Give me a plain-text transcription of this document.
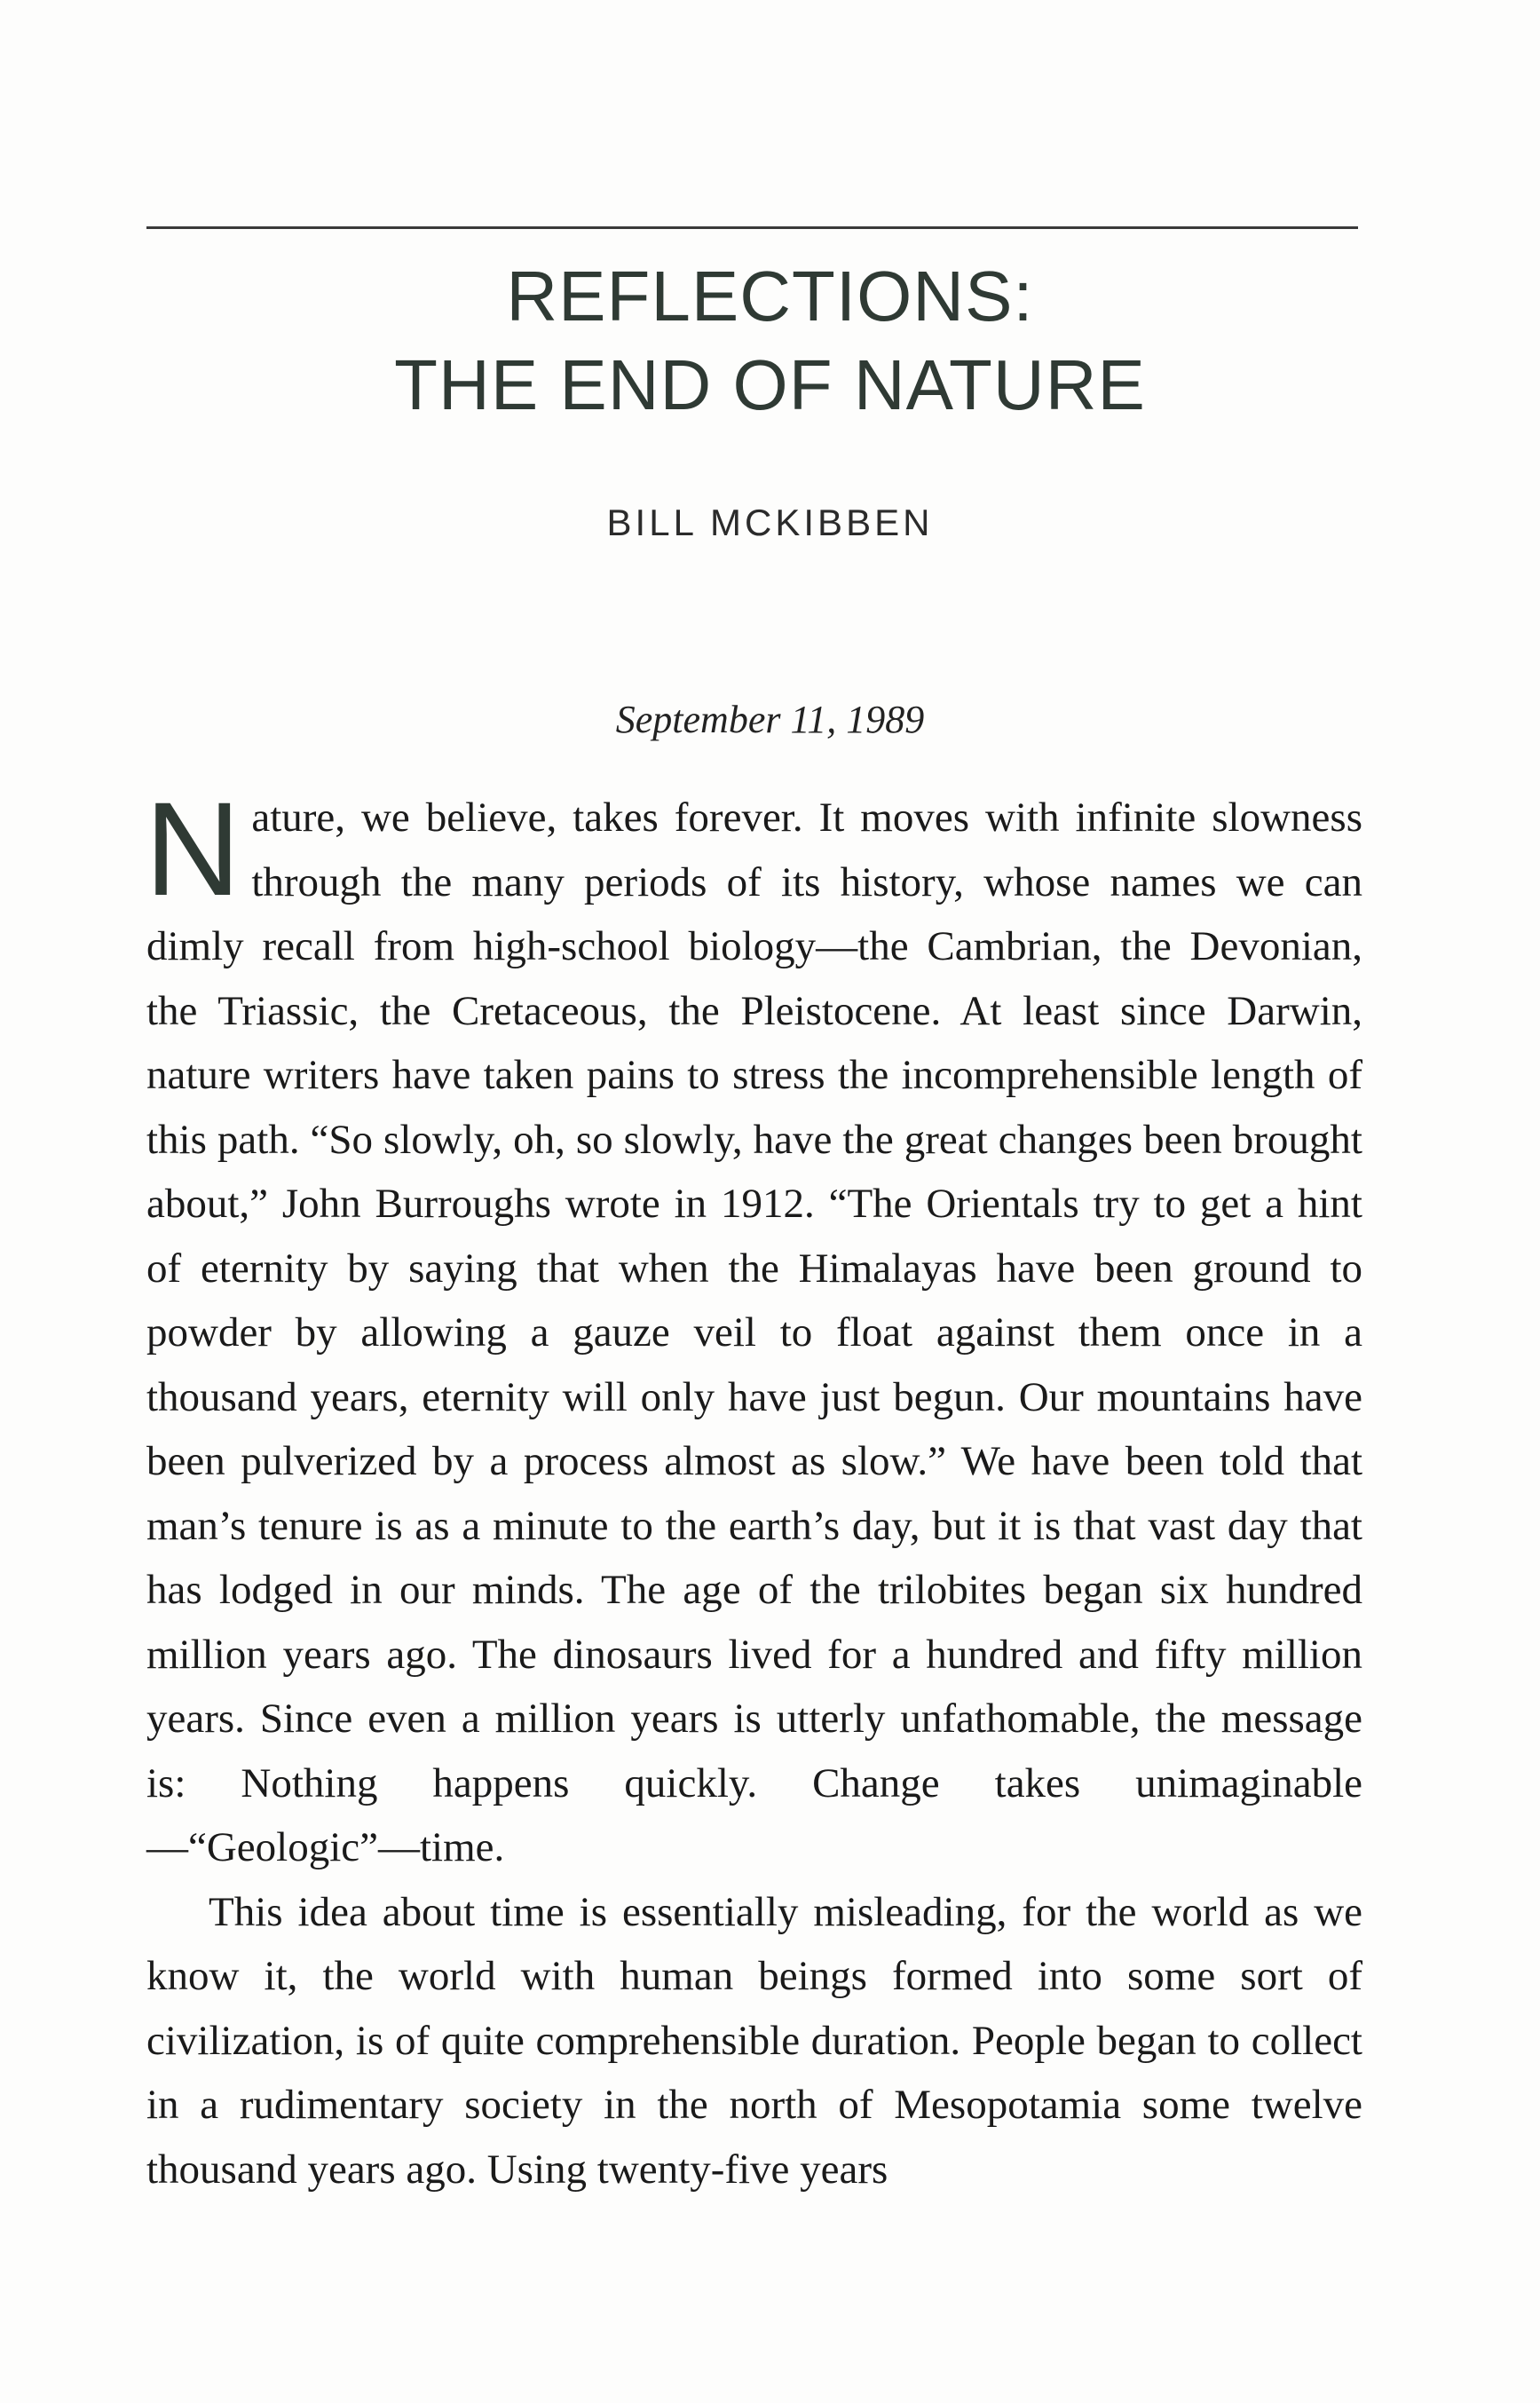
REFLECTIONS:
THE END OF NATURE
BILL MCKIBBEN
September 11, 1989

Nature, we believe, takes forever. It moves with infinite slowness through the many periods of its history, whose names we can dimly recall from high-school biology—the Cambrian, the Devonian, the Triassic, the Cretaceous, the Pleistocene. At least since Darwin, nature writers have taken pains to stress the incomprehensible length of this path. “So slowly, oh, so slowly, have the great changes been brought about,” John Burroughs wrote in 1912. “The Orientals try to get a hint of eternity by saying that when the Himalayas have been ground to powder by allowing a gauze veil to float against them once in a thousand years, eternity will only have just begun. Our mountains have been pulverized by a process almost as slow.” We have been told that man’s tenure is as a minute to the earth’s day, but it is that vast day that has lodged in our minds. The age of the trilobites began six hundred million years ago. The dinosaurs lived for a hundred and fifty million years. Since even a million years is utterly unfathomable, the message is: Nothing happens quickly. Change takes unimaginable—“Geologic”—time.

This idea about time is essentially misleading, for the world as we know it, the world with human beings formed into some sort of civilization, is of quite comprehensible duration. People began to collect in a rudimentary society in the north of Mesopotamia some twelve thousand years ago. Using twenty-five years
